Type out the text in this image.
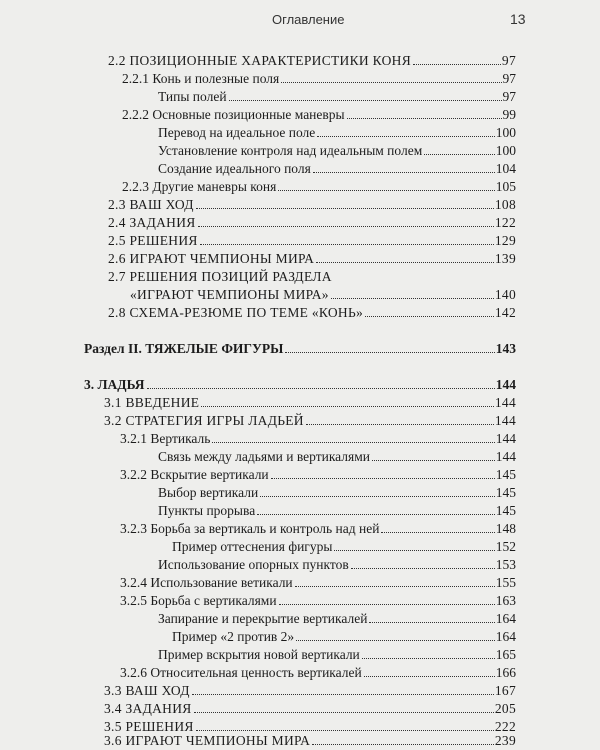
Оглавление	13
2.2 ПОЗИЦИОННЫЕ ХАРАКТЕРИСТИКИ КОНЯ	97
2.2.1 Конь и полезные поля	97
Типы полей	97
2.2.2 Основные позиционные маневры	99
Перевод на идеальное поле	100
Установление контроля над идеальным полем	100
Создание идеального поля	104
2.2.3 Другие маневры коня	105
2.3 ВАШ ХОД	108
2.4 ЗАДАНИЯ	122
2.5 РЕШЕНИЯ	129
2.6 ИГРАЮТ ЧЕМПИОНЫ МИРА	139
2.7 РЕШЕНИЯ ПОЗИЦИЙ РАЗДЕЛА
«ИГРАЮТ ЧЕМПИОНЫ МИРА»	140
2.8 СХЕМА-РЕЗЮМЕ ПО ТЕМЕ «КОНЬ»	142
Раздел II. ТЯЖЕЛЫЕ ФИГУРЫ	143
3. ЛАДЬЯ	144
3.1 ВВЕДЕНИЕ	144
3.2 СТРАТЕГИЯ ИГРЫ ЛАДЬЕЙ	144
3.2.1 Вертикаль	144
Связь между ладьями и вертикалями	144
3.2.2 Вскрытие вертикали	145
Выбор вертикали	145
Пункты прорыва	145
3.2.3 Борьба за вертикаль и контроль над ней	148
Пример оттеснения фигуры	152
Использование опорных пунктов	153
3.2.4 Использование ветикали	155
3.2.5 Борьба с вертикалями	163
Запирание и перекрытие вертикалей	164
Пример «2 против 2»	164
Пример вскрытия новой вертикали	165
3.2.6 Относительная ценность вертикалей	166
3.3 ВАШ ХОД	167
3.4 ЗАДАНИЯ	205
3.5 РЕШЕНИЯ	222
3.6 ИГРАЮТ ЧЕМПИОНЫ МИРА	239
